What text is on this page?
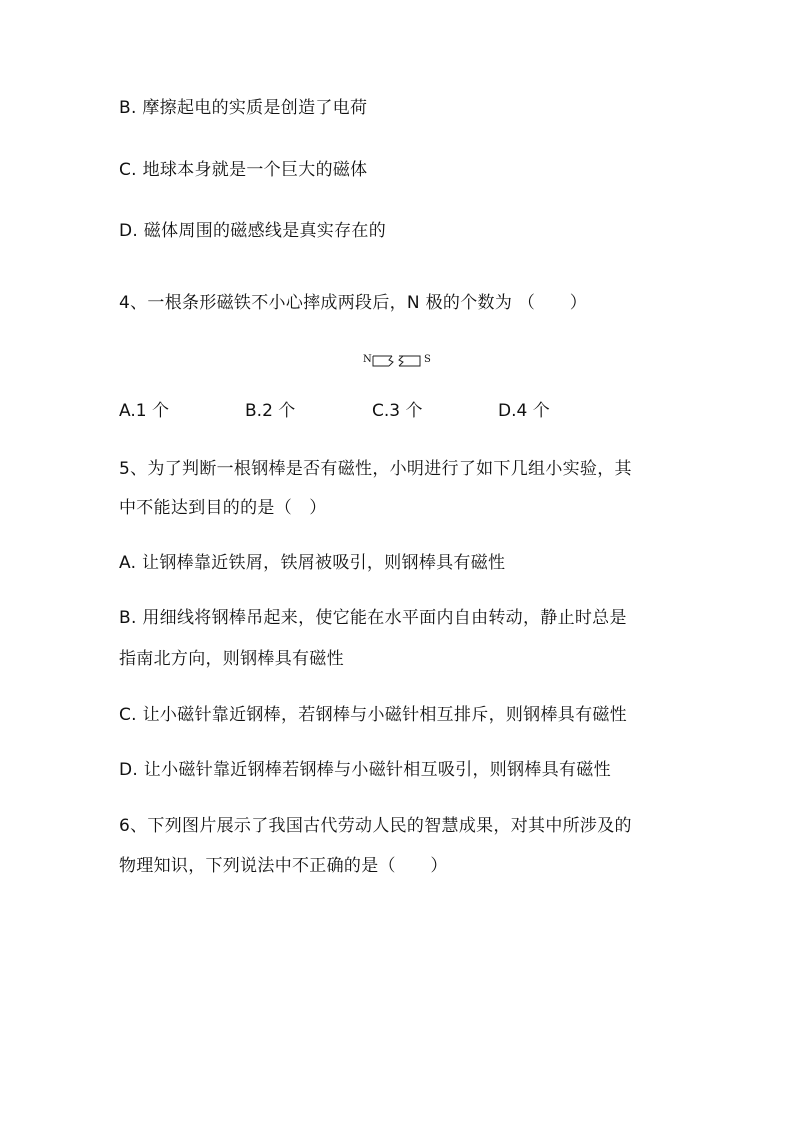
B. 摩擦起电的实质是创造了电荷
C. 地球本身就是一个巨大的磁体
D. 磁体周围的磁感线是真实存在的
4、一根条形磁铁不小心摔成两段后，N 极的个数为 （　　）
N	S
A.1 个	B.2 个	C.3 个	D.4 个
5、为了判断一根钢棒是否有磁性，小明进行了如下几组小实验，其
中不能达到目的的是（　）
A. 让钢棒靠近铁屑，铁屑被吸引，则钢棒具有磁性
B. 用细线将钢棒吊起来，使它能在水平面内自由转动，静止时总是
指南北方向，则钢棒具有磁性
C. 让小磁针靠近钢棒，若钢棒与小磁针相互排斥，则钢棒具有磁性
D. 让小磁针靠近钢棒若钢棒与小磁针相互吸引，则钢棒具有磁性
6、下列图片展示了我国古代劳动人民的智慧成果，对其中所涉及的
物理知识，下列说法中不正确的是（　　）
